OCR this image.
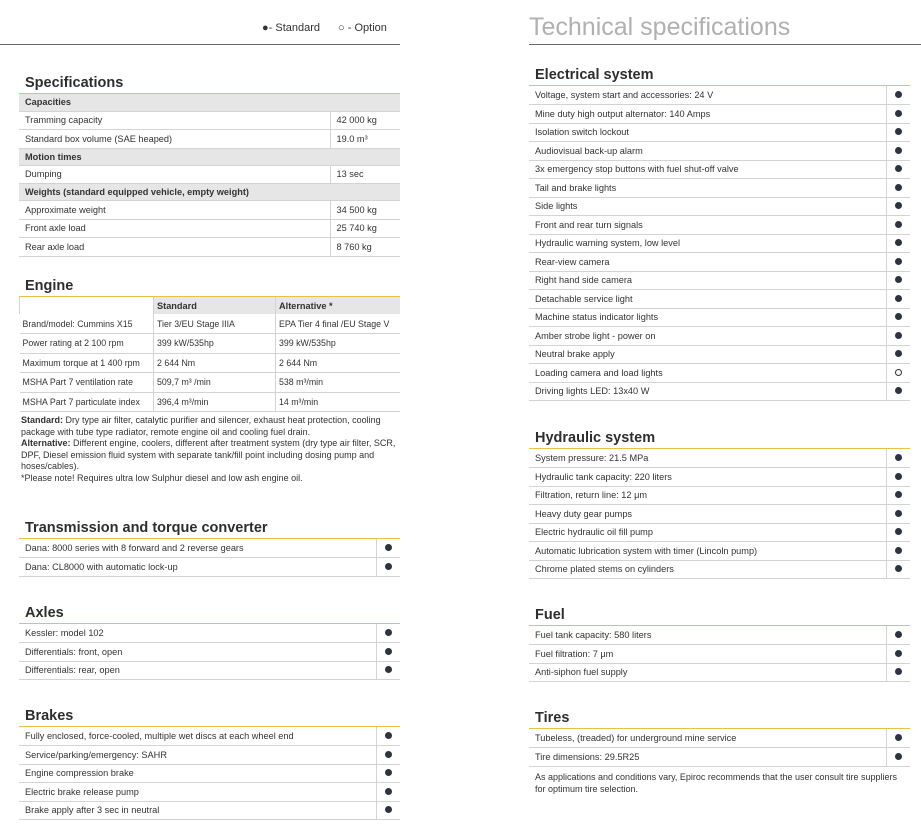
●- Standard ○ - Option	Technical specifications
Specifications
Capacities	
Tramming capacity	42 000 kg
Standard box volume (SAE heaped)	19.0 m³
Motion times	
Dumping	13 sec
Weights (standard equipped vehicle, empty weight)	
Approximate weight	34 500 kg
Front axle load	25 740 kg
Rear axle load	8 760 kg
Engine
	Standard	Alternative *
Brand/model: Cummins X15	Tier 3/EU Stage IIIA	EPA Tier 4 final /EU Stage V
Power rating at 2 100 rpm	399 kW/535hp	399 kW/535hp
Maximum torque at 1 400 rpm	2 644 Nm	2 644 Nm
MSHA Part 7 ventilation rate	509,7 m³ /min	538 m³/min
MSHA Part 7 particulate index	396,4 m³/min	14 m³/min
Standard: Dry type air filter, catalytic purifier and silencer, exhaust heat protection, cooling package with tube type radiator, remote engine oil and cooling fuel drain.
Alternative: Different engine, coolers, different after treatment system (dry type air filter, SCR, DPF, Diesel emission fluid system with separate tank/fill point including dosing pump and hoses/cables).
*Please note! Requires ultra low Sulphur diesel and low ash engine oil.
Transmission and torque converter
Dana: 8000 series with 8 forward and 2 reverse gears	
Dana: CL8000 with automatic lock-up	
Axles
Kessler: model 102	
Differentials: front, open	
Differentials: rear, open	
Brakes
Fully enclosed, force-cooled, multiple wet discs at each wheel end	
Service/parking/emergency: SAHR	
Engine compression brake	
Electric brake release pump	
Brake apply after 3 sec in neutral	
Electrical system
Voltage, system start and accessories: 24 V	
Mine duty high output alternator: 140 Amps	
Isolation switch lockout	
Audiovisual back-up alarm	
3x emergency stop buttons with fuel shut-off valve	
Tail and brake lights	
Side lights	
Front and rear turn signals	
Hydraulic warning system, low level	
Rear-view camera	
Right hand side camera	
Detachable service light	
Machine status indicator lights	
Amber strobe light - power on	
Neutral brake apply	
Loading camera and load lights	
Driving lights LED: 13x40 W	
Hydraulic system
System pressure: 21.5 MPa	
Hydraulic tank capacity: 220 liters	
Filtration, return line: 12 μm	
Heavy duty gear pumps	
Electric hydraulic oil fill pump	
Automatic lubrication system with timer (Lincoln pump)	
Chrome plated stems on cylinders	
Fuel
Fuel tank capacity: 580 liters	
Fuel filtration: 7 μm	
Anti-siphon fuel supply	
Tires
Tubeless, (treaded) for underground mine service	
Tire dimensions: 29.5R25	
As applications and conditions vary, Epiroc recommends that the user consult tire suppliers for optimum tire selection.
